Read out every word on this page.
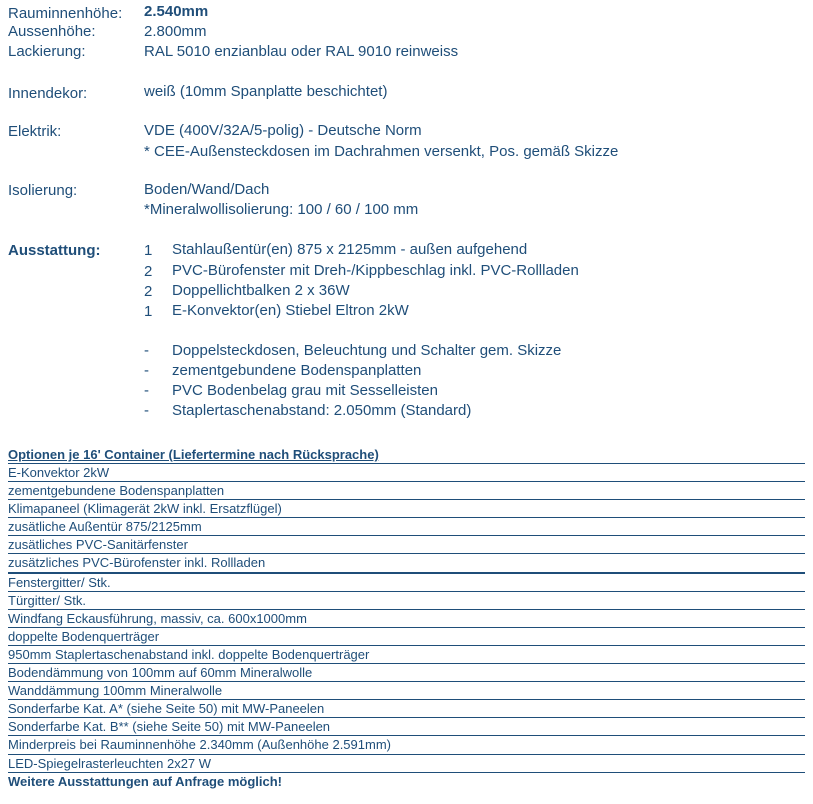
Rauminnenhöhe: 2.540mm
Aussenhöhe:	2.800mm
Lackierung:	RAL 5010 enzianblau oder RAL 9010 reinweiss
Innendekor:	weiß (10mm Spanplatte beschichtet)
Elektrik:	VDE (400V/32A/5-polig) - Deutsche Norm
* CEE-Außensteckdosen im Dachrahmen versenkt, Pos. gemäß Skizze
Isolierung:	Boden/Wand/Dach
*Mineralwollisolierung: 100 / 60 / 100 mm
Ausstattung:	1 Stahlaußentür(en) 875 x 2125mm - außen aufgehend
2 PVC-Bürofenster mit Dreh-/Kippbeschlag inkl. PVC-Rollladen
2 Doppellichtbalken 2 x 36W
1 E-Konvektor(en) Stiebel Eltron 2kW
- Doppelsteckdosen, Beleuchtung und Schalter gem. Skizze
- zementgebundene Bodenspanplatten
- PVC Bodenbelag grau mit Sesselleisten
- Staplertaschenabstand: 2.050mm (Standard)
Optionen je 16' Container (Liefertermine nach Rücksprache)
E-Konvektor 2kW
zementgebundene Bodenspanplatten
Klimapaneel (Klimagerät 2kW inkl. Ersatzflügel)
zusätliche Außentür 875/2125mm
zusätliches PVC-Sanitärfenster
zusätzliches PVC-Bürofenster inkl. Rollladen
Fenstergitter/ Stk.
Türgitter/ Stk.
Windfang Eckausführung, massiv, ca. 600x1000mm
doppelte Bodenquerträger
950mm Staplertaschenabstand inkl. doppelte Bodenquerträger
Bodendämmung von 100mm auf 60mm Mineralwolle
Wanddämmung 100mm Mineralwolle
Sonderfarbe Kat. A* (siehe Seite 50) mit MW-Paneelen
Sonderfarbe Kat. B** (siehe Seite 50) mit MW-Paneelen
Minderpreis bei Rauminnenhöhe 2.340mm (Außenhöhe 2.591mm)
LED-Spiegelrasterleuchten 2x27 W
Weitere Ausstattungen auf Anfrage möglich!
